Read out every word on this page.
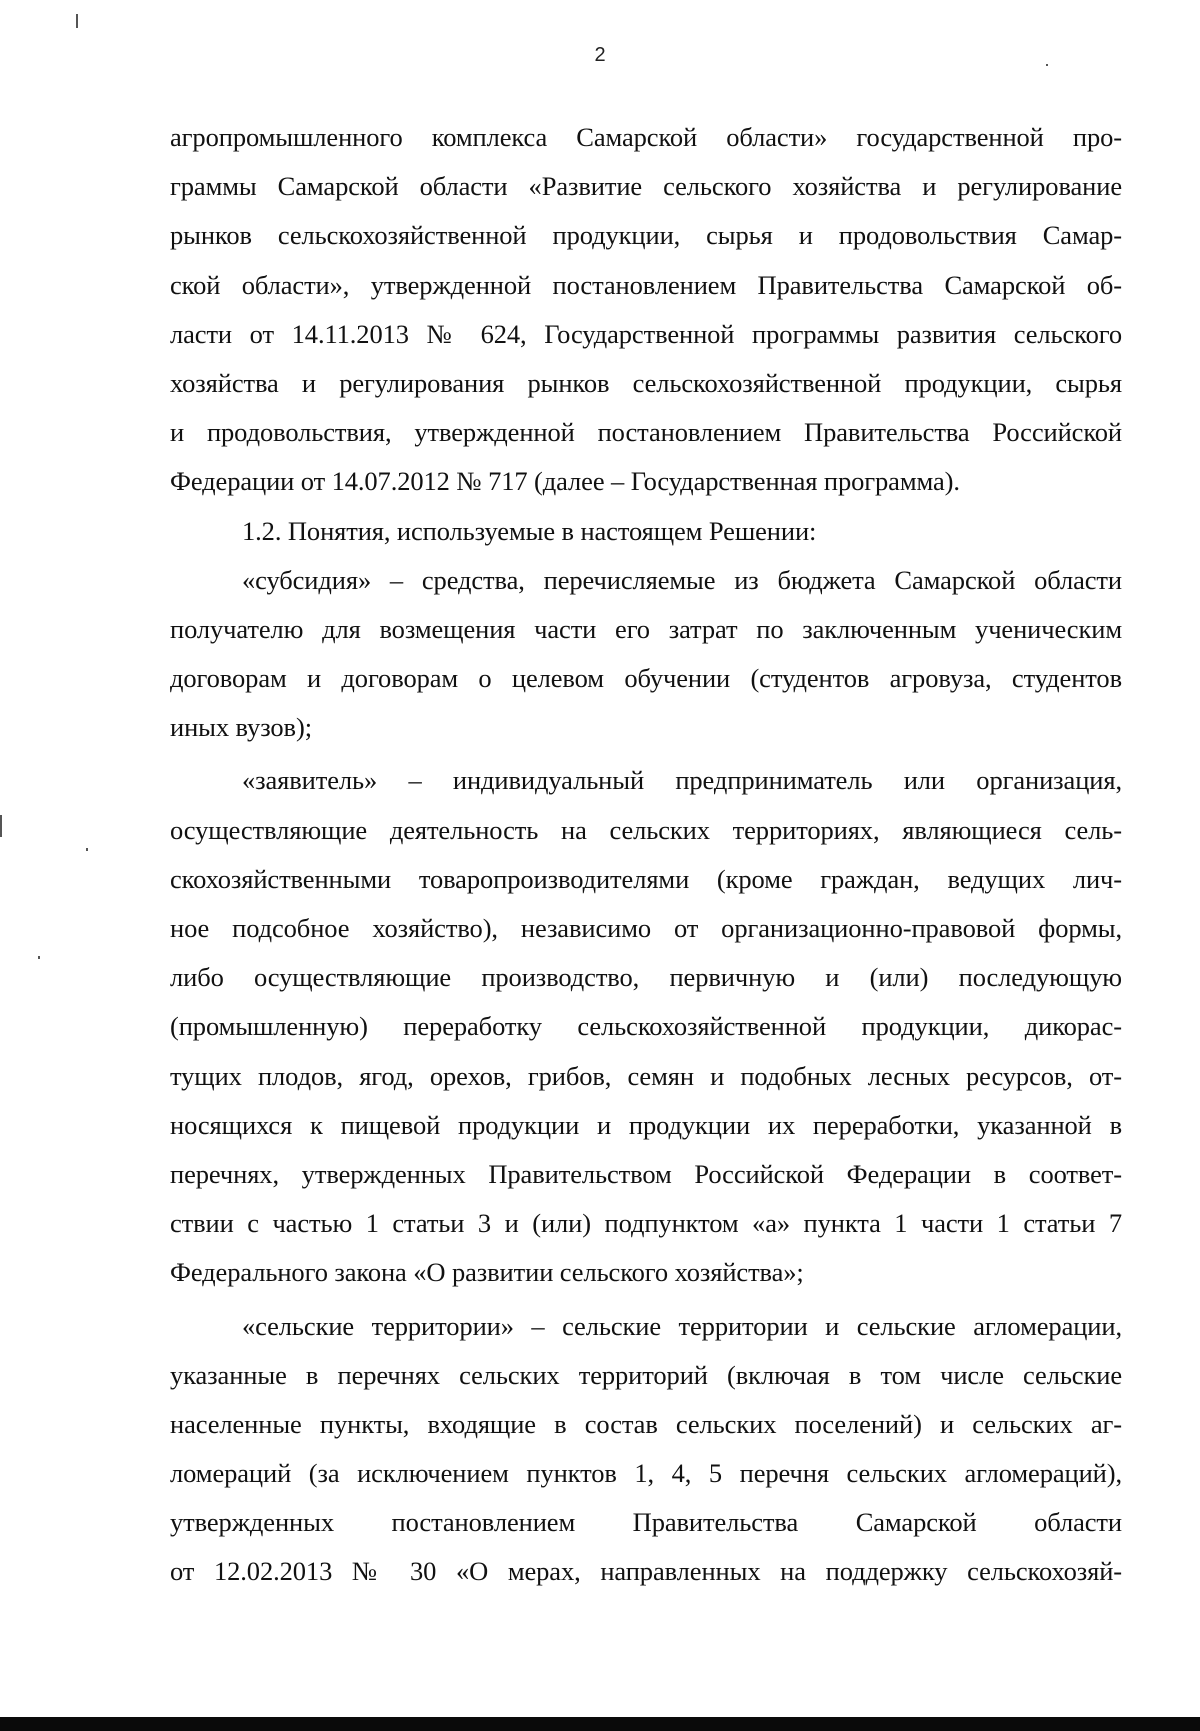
2
агропромышленного комплекса Самарской области» государственной про-
граммы Самарской области «Развитие сельского хозяйства и регулирование
рынков сельскохозяйственной продукции, сырья и продовольствия Самар-
ской области», утвержденной постановлением Правительства Самарской об-
ласти от 14.11.2013 № 624, Государственной программы развития сельского
хозяйства и регулирования рынков сельскохозяйственной продукции, сырья
и продовольствия, утвержденной постановлением Правительства Российской
Федерации от 14.07.2012 № 717 (далее – Государственная программа).
1.2. Понятия, используемые в настоящем Решении:
«субсидия» – средства, перечисляемые из бюджета Самарской области
получателю для возмещения части его затрат по заключенным ученическим
договорам и договорам о целевом обучении (студентов агровуза, студентов
иных вузов);
«заявитель» – индивидуальный предприниматель или организация,
осуществляющие деятельность на сельских территориях, являющиеся сель-
скохозяйственными товаропроизводителями (кроме граждан, ведущих лич-
ное подсобное хозяйство), независимо от организационно-правовой формы,
либо осуществляющие производство, первичную и (или) последующую
(промышленную) переработку сельскохозяйственной продукции, дикорас-
тущих плодов, ягод, орехов, грибов, семян и подобных лесных ресурсов, от-
носящихся к пищевой продукции и продукции их переработки, указанной в
перечнях, утвержденных Правительством Российской Федерации в соответ-
ствии с частью 1 статьи 3 и (или) подпунктом «а» пункта 1 части 1 статьи 7
Федерального закона «О развитии сельского хозяйства»;
«сельские территории» – сельские территории и сельские агломерации,
указанные в перечнях сельских территорий (включая в том числе сельские
населенные пункты, входящие в состав сельских поселений) и сельских аг-
ломераций (за исключением пунктов 1, 4, 5 перечня сельских агломераций),
утвержденных постановлением Правительства Самарской области
от 12.02.2013 № 30 «О мерах, направленных на поддержку сельскохозяй-
